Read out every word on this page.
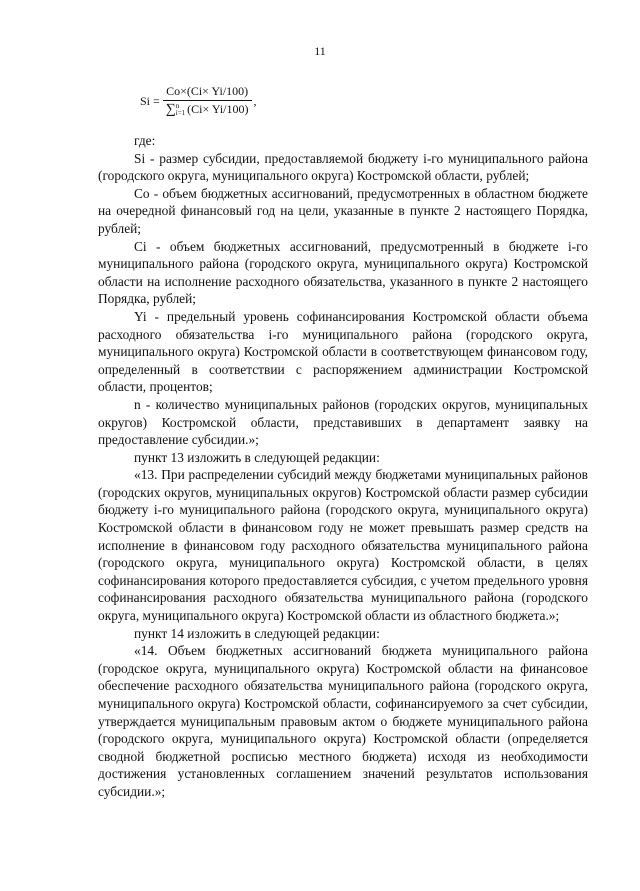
11
Si = Co×(Ci× Yi/100)
∑ n
i=1 (Ci× Yi/100) ,

где:

Si - размер субсидии, предоставляемой бюджету i-го муниципального района (городского округа, муниципального округа) Костромской области, рублей;

Со - объем бюджетных ассигнований, предусмотренных в областном бюджете на очередной финансовый год на цели, указанные в пункте 2 настоящего Порядка, рублей;

Ci - объем бюджетных ассигнований, предусмотренный в бюджете i-го муниципального района (городского округа, муниципального округа) Костромской области на исполнение расходного обязательства, указанного в пункте 2 настоящего Порядка, рублей;

Yi - предельный уровень софинансирования Костромской области объема расходного обязательства i-го муниципального района (городского округа, муниципального округа) Костромской области в соответствующем финансовом году, определенный в соответствии с распоряжением администрации Костромской области, процентов;

n - количество муниципальных районов (городских округов, муниципальных округов) Костромской области, представивших в департамент заявку на предоставление субсидии.»;

пункт 13 изложить в следующей редакции:

«13. При распределении субсидий между бюджетами муниципальных районов (городских округов, муниципальных округов) Костромской области размер субсидии бюджету i-го муниципального района (городского округа, муниципального округа) Костромской области в финансовом году не может превышать размер средств на исполнение в финансовом году расходного обязательства муниципального района (городского округа, муниципального округа) Костромской области, в целях софинансирования которого предоставляется субсидия, с учетом предельного уровня софинансирования расходного обязательства муниципального района (городского округа, муниципального округа) Костромской области из областного бюджета.»;

пункт 14 изложить в следующей редакции:

«14. Объем бюджетных ассигнований бюджета муниципального района (городское округа, муниципального округа) Костромской области на финансовое обеспечение расходного обязательства муниципального района (городского округа, муниципального округа) Костромской области, софинансируемого за счет субсидии, утверждается муниципальным правовым актом о бюджете муниципального района (городского округа, муниципального округа) Костромской области (определяется сводной бюджетной росписью местного бюджета) исходя из необходимости достижения установленных соглашением значений результатов использования субсидии.»;
